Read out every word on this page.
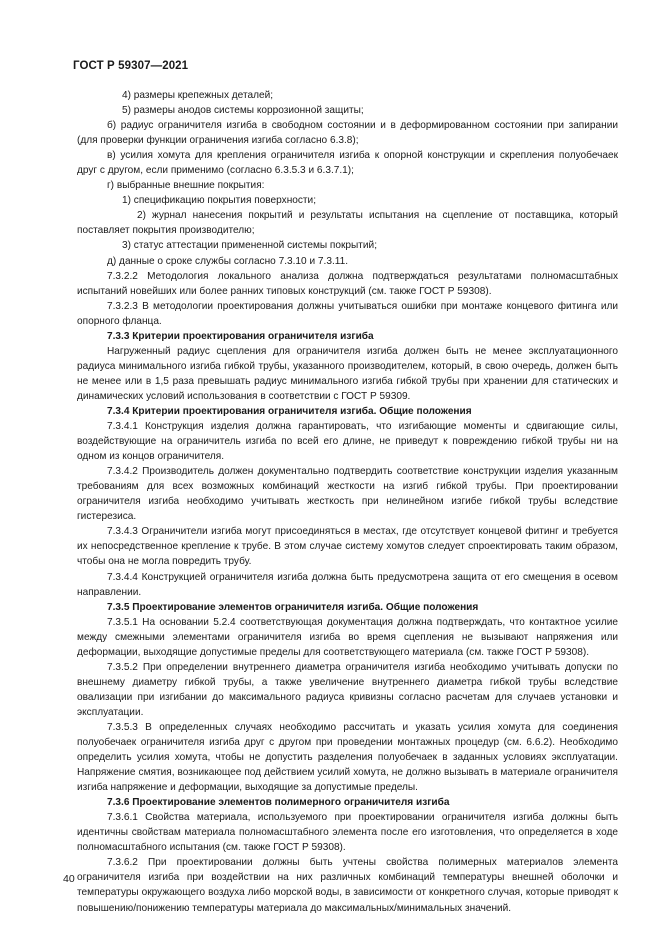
ГОСТ Р 59307—2021

4) размеры крепежных деталей;

5) размеры анодов системы коррозионной защиты;

б) радиус ограничителя изгиба в свободном состоянии и в деформированном состоянии при запирании (для проверки функции ограничения изгиба согласно 6.3.8);

в) усилия хомута для крепления ограничителя изгиба к опорной конструкции и скрепления полуобечаек друг с другом, если применимо (согласно 6.3.5.3 и 6.3.7.1);

г) выбранные внешние покрытия:

1) спецификацию покрытия поверхности;

2) журнал нанесения покрытий и результаты испытания на сцепление от поставщика, который поставляет покрытия производителю;

3) статус аттестации примененной системы покрытий;

д) данные о сроке службы согласно 7.3.10 и 7.3.11.

7.3.2.2 Методология локального анализа должна подтверждаться результатами полномасштабных испытаний новейших или более ранних типовых конструкций (см. также ГОСТ Р 59308).

7.3.2.3 В методологии проектирования должны учитываться ошибки при монтаже концевого фитинга или опорного фланца.

7.3.3 Критерии проектирования ограничителя изгиба

Нагруженный радиус сцепления для ограничителя изгиба должен быть не менее эксплуатационного радиуса минимального изгиба гибкой трубы, указанного производителем, который, в свою очередь, должен быть не менее или в 1,5 раза превышать радиус минимального изгиба гибкой трубы при хранении для статических и динамических условий использования в соответствии с ГОСТ Р 59309.

7.3.4 Критерии проектирования ограничителя изгиба. Общие положения

7.3.4.1 Конструкция изделия должна гарантировать, что изгибающие моменты и сдвигающие силы, воздействующие на ограничитель изгиба по всей его длине, не приведут к повреждению гибкой трубы ни на одном из концов ограничителя.

7.3.4.2 Производитель должен документально подтвердить соответствие конструкции изделия указанным требованиям для всех возможных комбинаций жесткости на изгиб гибкой трубы. При проектировании ограничителя изгиба необходимо учитывать жесткость при нелинейном изгибе гибкой трубы вследствие гистерезиса.

7.3.4.3 Ограничители изгиба могут присоединяться в местах, где отсутствует концевой фитинг и требуется их непосредственное крепление к трубе. В этом случае систему хомутов следует спроектировать таким образом, чтобы она не могла повредить трубу.

7.3.4.4 Конструкцией ограничителя изгиба должна быть предусмотрена защита от его смещения в осевом направлении.

7.3.5 Проектирование элементов ограничителя изгиба. Общие положения

7.3.5.1 На основании 5.2.4 соответствующая документация должна подтверждать, что контактное усилие между смежными элементами ограничителя изгиба во время сцепления не вызывают напряжения или деформации, выходящие допустимые пределы для соответствующего материала (см. также ГОСТ Р 59308).

7.3.5.2 При определении внутреннего диаметра ограничителя изгиба необходимо учитывать допуски по внешнему диаметру гибкой трубы, а также увеличение внутреннего диаметра гибкой трубы вследствие овализации при изгибании до максимального радиуса кривизны согласно расчетам для случаев установки и эксплуатации.

7.3.5.3 В определенных случаях необходимо рассчитать и указать усилия хомута для соединения полуобечаек ограничителя изгиба друг с другом при проведении монтажных процедур (см. 6.6.2). Необходимо определить усилия хомута, чтобы не допустить разделения полуобечаек в заданных условиях эксплуатации. Напряжение смятия, возникающее под действием усилий хомута, не должно вызывать в материале ограничителя изгиба напряжение и деформации, выходящие за допустимые пределы.

7.3.6 Проектирование элементов полимерного ограничителя изгиба

7.3.6.1 Свойства материала, используемого при проектировании ограничителя изгиба должны быть идентичны свойствам материала полномасштабного элемента после его изготовления, что определяется в ходе полномасштабного испытания (см. также ГОСТ Р 59308).

7.3.6.2 При проектировании должны быть учтены свойства полимерных материалов элемента ограничителя изгиба при воздействии на них различных комбинаций температуры внешней оболочки и температуры окружающего воздуха либо морской воды, в зависимости от конкретного случая, которые приводят к повышению/понижению температуры материала до максимальных/минимальных значений.

40
